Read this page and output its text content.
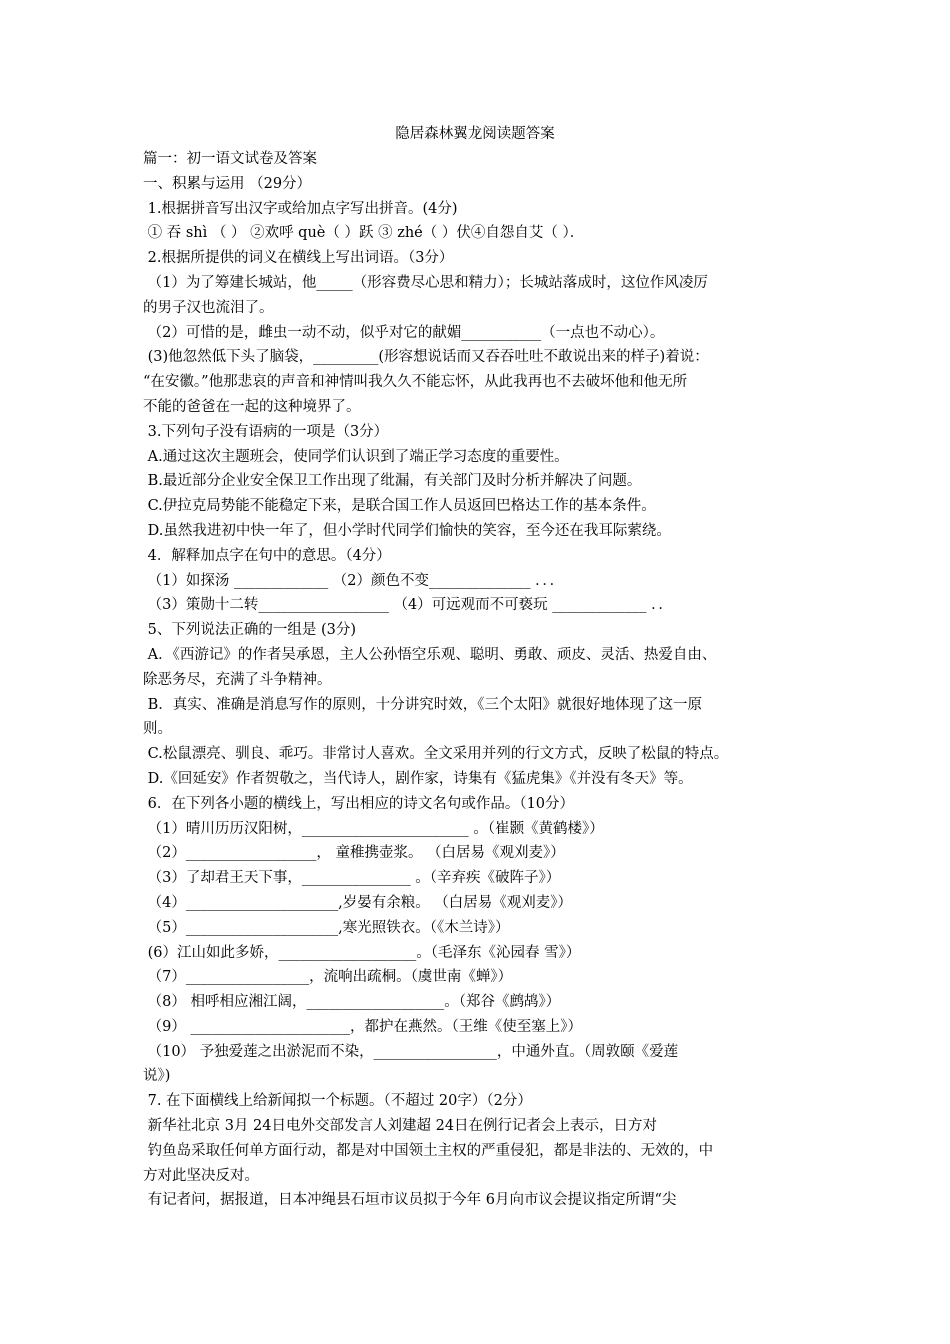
隐居森林翼龙阅读题答案

篇一：初一语文试卷及答案

一、积累与运用 （29分）

1.根据拼音写出汉字或给加点字写出拼音。(4分)

① 吞 shì （ ） ②欢呼 què（ ）跃 ③ zhé（ ）伏④自怨自艾（ ）．

2.根据所提供的词义在横线上写出词语。（3分）

（1）为了筹建长城站，他_____（形容费尽心思和精力）；长城站落成时，这位作风凌厉

的男子汉也流泪了。

（2）可惜的是，雌虫一动不动，似乎对它的献媚___________（一点也不动心）。

(3)他忽然低下头了脑袋，_________(形容想说话而又吞吞吐吐不敢说出来的样子)着说：

“在安徽。”他那悲哀的声音和神情叫我久久不能忘怀，从此我再也不去破坏他和他无所

不能的爸爸在一起的这种境界了。

3.下列句子没有语病的一项是（3分）

A.通过这次主题班会，使同学们认识到了端正学习态度的重要性。

B.最近部分企业安全保卫工作出现了纰漏，有关部门及时分析并解决了问题。

C.伊拉克局势能不能稳定下来，是联合国工作人员返回巴格达工作的基本条件。

D.虽然我进初中快一年了，但小学时代同学们愉快的笑容，至今还在我耳际萦绕。

4．解释加点字在句中的意思。（4分）

（1）如探汤 _____________ （2）颜色不变______________ ．．．

（3）策勋十二转__________________ （4）可远观而不可亵玩 _____________ ．．

5、下列说法正确的一组是 (3分)

A．《西游记》的作者吴承恩，主人公孙悟空乐观、聪明、勇敢、顽皮、灵活、热爱自由、

除恶务尽，充满了斗争精神。

B．真实、准确是消息写作的原则，十分讲究时效，《三个太阳》就很好地体现了这一原

则。

C.松鼠漂亮、驯良、乖巧。非常讨人喜欢。全文采用并列的行文方式，反映了松鼠的特点。

D.《回延安》作者贺敬之，当代诗人，剧作家，诗集有《猛虎集》《并没有冬天》等。

6．在下列各小题的横线上，写出相应的诗文名句或作品。（10分）

（1）晴川历历汉阳树，_______________________ 。（崔颢《黄鹤楼》）

（2）__________________， 童稚携壶浆。 （白居易《观刈麦》）

（3）了却君王天下事，_______________ 。（辛弃疾《破阵子》）

（4）_____________________,岁晏有余粮。 （白居易《观刈麦》）

（5）_____________________,寒光照铁衣。（《木兰诗》）

(6）江山如此多娇，___________________。（毛泽东《沁园春 雪》）

（7）_________________，流响出疏桐。（虞世南《蝉》）

（8） 相呼相应湘江阔，___________________。（郑谷《鹧鸪》）

（9） ______________________，都护在燕然。（王维《使至塞上》）

（10） 予独爱莲之出淤泥而不染，_________________，中通外直。（周敦颐《爱莲

说》)

7. 在下面横线上给新闻拟一个标题。（不超过 20字）（2分）

新华社北京 3月 24日电外交部发言人刘建超 24日在例行记者会上表示，日方对

钓鱼岛采取任何单方面行动，都是对中国领土主权的严重侵犯，都是非法的、无效的，中

方对此坚决反对。

有记者问，据报道，日本冲绳县石垣市议员拟于今年 6月向市议会提议指定所谓“尖
